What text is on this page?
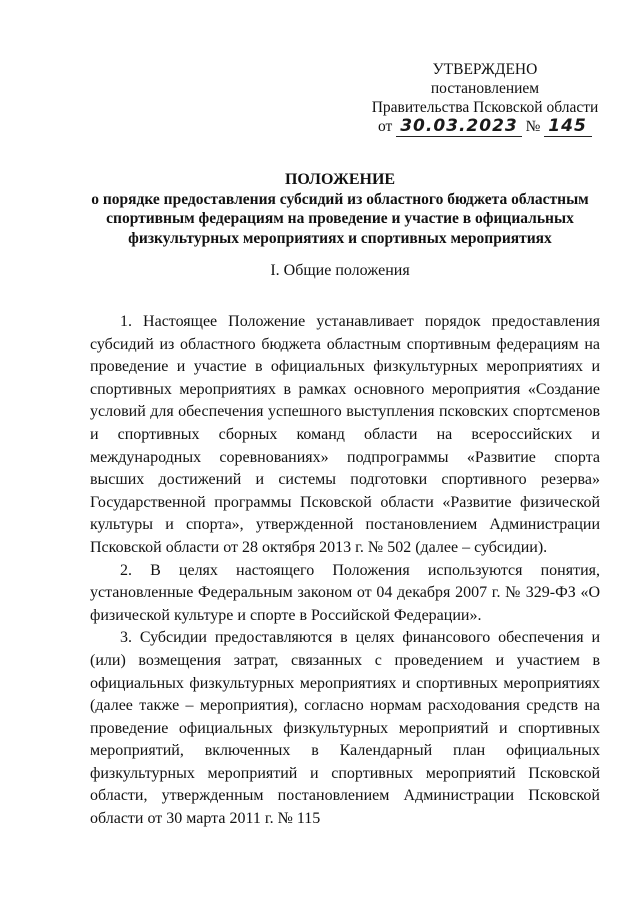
УТВЕРЖДЕНО
постановлением
Правительства Псковской области
от 30.03.2023 № 145
ПОЛОЖЕНИЕ
о порядке предоставления субсидий из областного бюджета областным
спортивным федерациям на проведение и участие в официальных
физкультурных мероприятиях и спортивных мероприятиях
I. Общие положения

1. Настоящее Положение устанавливает порядок предоставления субсидий из областного бюджета областным спортивным федерациям на проведение и участие в официальных физкультурных мероприятиях и спортивных мероприятиях в рамках основного мероприятия «Создание условий для обеспечения успешного выступления псковских спортсменов и спортивных сборных команд области на всероссийских и международных соревнованиях» подпрограммы «Развитие спорта высших достижений и системы подготовки спортивного резерва» Государственной программы Псковской области «Развитие физической культуры и спорта», утвержденной постановлением Администрации Псковской области от 28 октября 2013 г. № 502 (далее – субсидии).

2. В целях настоящего Положения используются понятия, установленные Федеральным законом от 04 декабря 2007 г. № 329-ФЗ «О физической культуре и спорте в Российской Федерации».

3. Субсидии предоставляются в целях финансового обеспечения и (или) возмещения затрат, связанных с проведением и участием в официальных физкультурных мероприятиях и спортивных мероприятиях (далее также – мероприятия), согласно нормам расходования средств на проведение официальных физкультурных мероприятий и спортивных мероприятий, включенных в Календарный план официальных физкультурных мероприятий и спортивных мероприятий Псковской области, утвержденным постановлением Администрации Псковской области от 30 марта 2011 г. № 115
